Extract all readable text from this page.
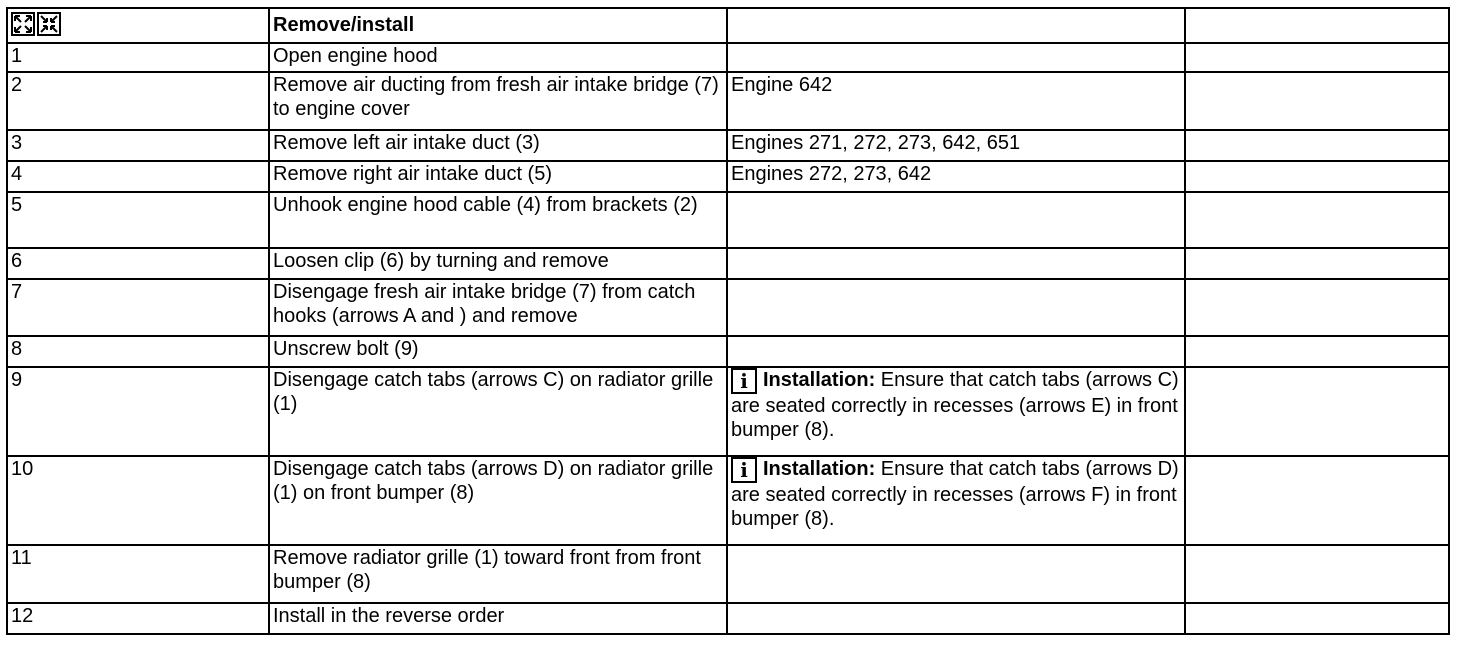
	Remove/install		
1	Open engine hood		
2	Remove air ducting from fresh air intake bridge (7) to engine cover	Engine 642	
3	Remove left air intake duct (3)	Engines 271, 272, 273, 642, 651	
4	Remove right air intake duct (5)	Engines 272, 273, 642	
5	Unhook engine hood cable (4) from brackets (2)		
6	Loosen clip (6) by turning and remove		
7	Disengage fresh air intake bridge (7) from catch hooks (arrows A and ) and remove		
8	Unscrew bolt (9)		
9	Disengage catch tabs (arrows C) on radiator grille (1)	i Installation: Ensure that catch tabs (arrows C) are seated correctly in recesses (arrows E) in front bumper (8).	
10	Disengage catch tabs (arrows D) on radiator grille (1) on front bumper (8)	i Installation: Ensure that catch tabs (arrows D) are seated correctly in recesses (arrows F) in front bumper (8).	
11	Remove radiator grille (1) toward front from front bumper (8)		
12	Install in the reverse order		
